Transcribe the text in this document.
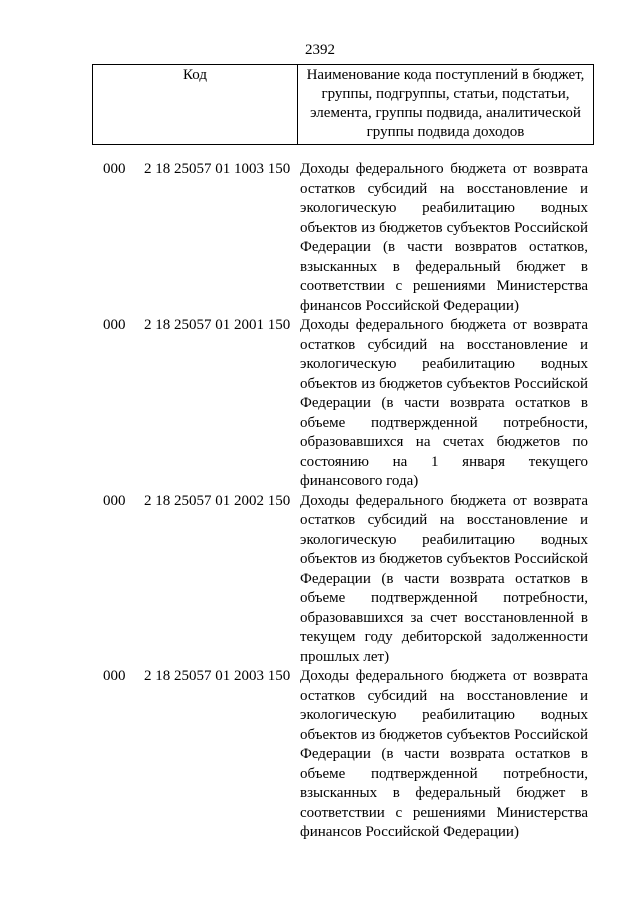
2392
Код	Наименование кода поступлений в бюджет, группы, подгруппы, статьи, подстатьи, элемента, группы подвида, аналитической группы подвида доходов
000 2 18 25057 01 1003 150 Доходы федерального бюджета от возврата остатков субсидий на восстановление и экологическую реабилитацию водных объектов из бюджетов субъектов Российской Федерации (в части возвратов остатков, взысканных в федеральный бюджет в соответствии с решениями Министерства финансов Российской Федерации)
000 2 18 25057 01 2001 150 Доходы федерального бюджета от возврата остатков субсидий на восстановление и экологическую реабилитацию водных объектов из бюджетов субъектов Российской Федерации (в части возврата остатков в объеме подтвержденной потребности, образовавшихся на счетах бюджетов по состоянию на 1 января текущего финансового года)
000 2 18 25057 01 2002 150 Доходы федерального бюджета от возврата остатков субсидий на восстановление и экологическую реабилитацию водных объектов из бюджетов субъектов Российской Федерации (в части возврата остатков в объеме подтвержденной потребности, образовавшихся за счет восстановленной в текущем году дебиторской задолженности прошлых лет)
000 2 18 25057 01 2003 150 Доходы федерального бюджета от возврата остатков субсидий на восстановление и экологическую реабилитацию водных объектов из бюджетов субъектов Российской Федерации (в части возврата остатков в объеме подтвержденной потребности, взысканных в федеральный бюджет в соответствии с решениями Министерства финансов Российской Федерации)
